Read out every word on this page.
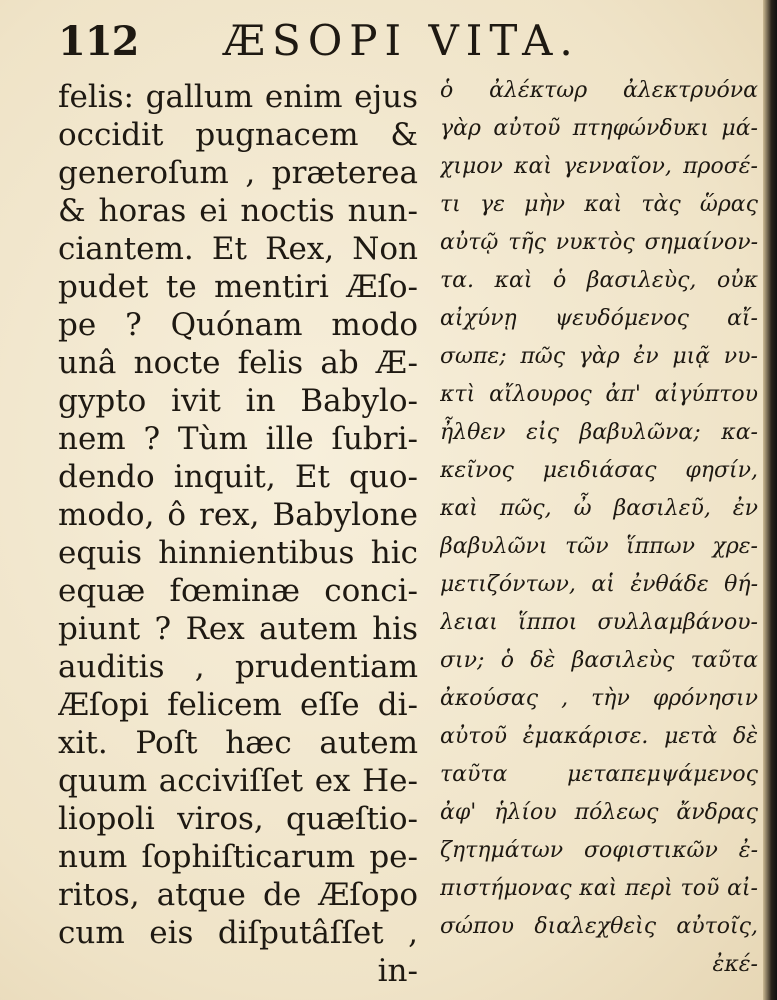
112 ÆSOPI VITA.
felis: gallum enim ejus
occidit pugnacem &
generoſum , præterea
& horas ei noctis nun-
ciantem. Et Rex, Non
pudet te mentiri Æſo-
pe ? Quónam modo
unâ nocte felis ab Æ-
gypto ivit in Babylo-
nem ? Tùm ille ſubri-
dendo inquit, Et quo-
modo, ô rex, Babylone
equis hinnientibus hic
equæ fœminæ conci-
piunt ? Rex autem his
auditis , prudentiam
Æſopi felicem eſſe di-
xit. Poſt hæc autem
quum acciviſſet ex He-
liopoli viros, quæſtio-
num ſophiſticarum pe-
ritos, atque de Æſopo
cum eis diſputâſſet ,
in-
ὁ ἀλέκτωρ ἀλεκτρυόνα
γὰρ αὐτοῦ πτηφώνδυκι μά-
χιμον καὶ γενναῖον, προσέ-
τι γε μὴν καὶ τὰς ὥρας
αὐτῷ τῆς νυκτὸς σημαίνον-
τα. καὶ ὁ βασιλεὺς, οὐκ
αἰχύνῃ ψευδόμενος αἴ-
σωπε; πῶς γὰρ ἐν μιᾷ νυ-
κτὶ αἴλουρος ἀπ' αἰγύπτου
ἦλθεν εἰς βαβυλῶνα; κα-
κεῖνος μειδιάσας φησίν,
καὶ πῶς, ὦ βασιλεῦ, ἐν
βαβυλῶνι τῶν ἵππων χρε-
μετιζόντων, αἱ ἐνθάδε θή-
λειαι ἵπποι συλλαμβάνου-
σιν; ὁ δὲ βασιλεὺς ταῦτα
ἀκούσας , τὴν φρόνησιν
αὐτοῦ ἐμακάρισε. μετὰ δὲ
ταῦτα μεταπεμψάμενος
ἀφ' ἡλίου πόλεως ἄνδρας
ζητημάτων σοφιστικῶν ἐ-
πιστήμονας καὶ περὶ τοῦ αἰ-
σώπου διαλεχθεὶς αὐτοῖς,
ἐκέ-
